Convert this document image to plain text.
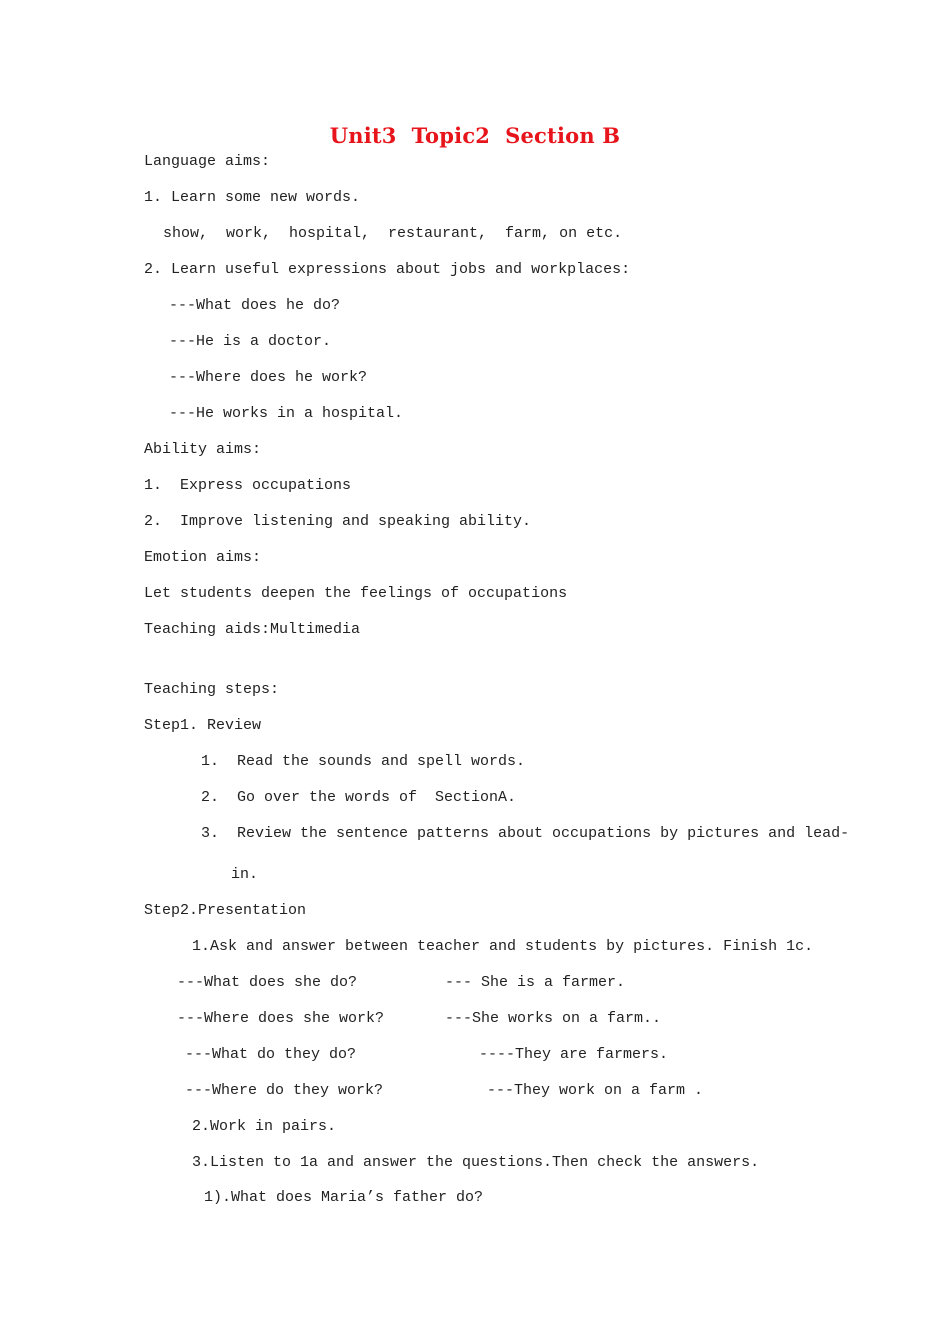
Unit3  Topic2  Section B
Language aims:
1. Learn some new words.
show,  work,  hospital,  restaurant,  farm, on etc.
2. Learn useful expressions about jobs and workplaces:
---What does he do?
---He is a doctor.
---Where does he work?
---He works in a hospital.
Ability aims:
1.  Express occupations
2.  Improve listening and speaking ability.
Emotion aims:
Let students deepen the feelings of occupations
Teaching aids:Multimedia
Teaching steps:
Step1. Review
1.  Read the sounds and spell words.
2.  Go over the words of  SectionA.
3.  Review the sentence patterns about occupations by pictures and lead-
in.
Step2.Presentation
1.Ask and answer between teacher and students by pictures. Finish 1c.
---What does she do?	--- She is a farmer.
---Where does she work?	---She works on a farm..
---What do they do?	----They are farmers.
---Where do they work?	---They work on a farm .
2.Work in pairs.
3.Listen to 1a and answer the questions.Then check the answers.
1).What does Maria’s father do?
